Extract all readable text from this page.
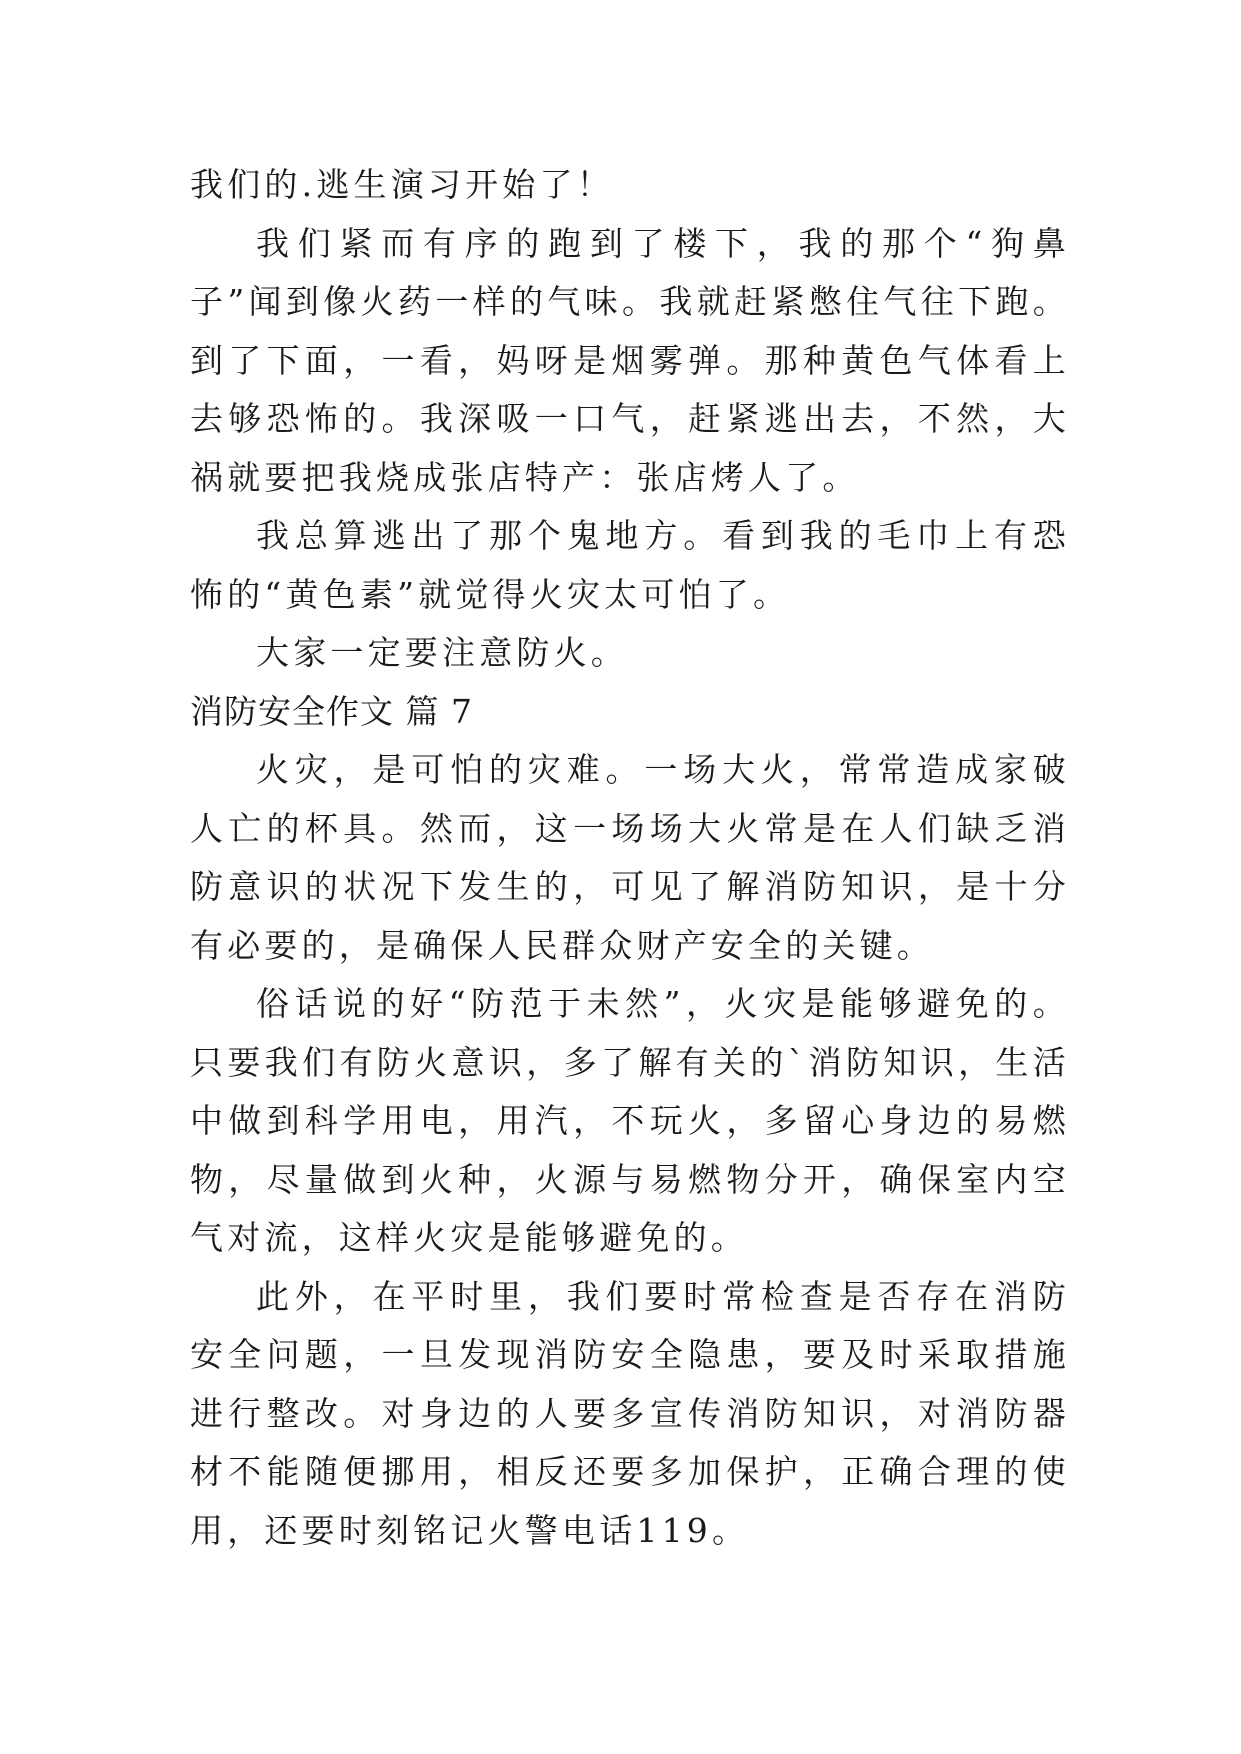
我们的.逃生演习开始了！

我们紧而有序的跑到了楼下，我的那个“狗鼻子”闻到像火药一样的气味。我就赶紧憋住气往下跑。到了下面，一看，妈呀是烟雾弹。那种黄色气体看上去够恐怖的。我深吸一口气，赶紧逃出去，不然，大祸就要把我烧成张店特产：张店烤人了。

我总算逃出了那个鬼地方。看到我的毛巾上有恐怖的“黄色素”就觉得火灾太可怕了。

大家一定要注意防火。

消防安全作文 篇 7

火灾，是可怕的灾难。一场大火，常常造成家破人亡的杯具。然而，这一场场大火常是在人们缺乏消防意识的状况下发生的，可见了解消防知识，是十分有必要的，是确保人民群众财产安全的关键。

俗话说的好“防范于未然”，火灾是能够避免的。只要我们有防火意识，多了解有关的`消防知识，生活中做到科学用电，用汽，不玩火，多留心身边的易燃物，尽量做到火种，火源与易燃物分开，确保室内空气对流，这样火灾是能够避免的。

此外，在平时里，我们要时常检查是否存在消防安全问题，一旦发现消防安全隐患，要及时采取措施进行整改。对身边的人要多宣传消防知识，对消防器材不能随便挪用，相反还要多加保护，正确合理的使用，还要时刻铭记火警电话119。
